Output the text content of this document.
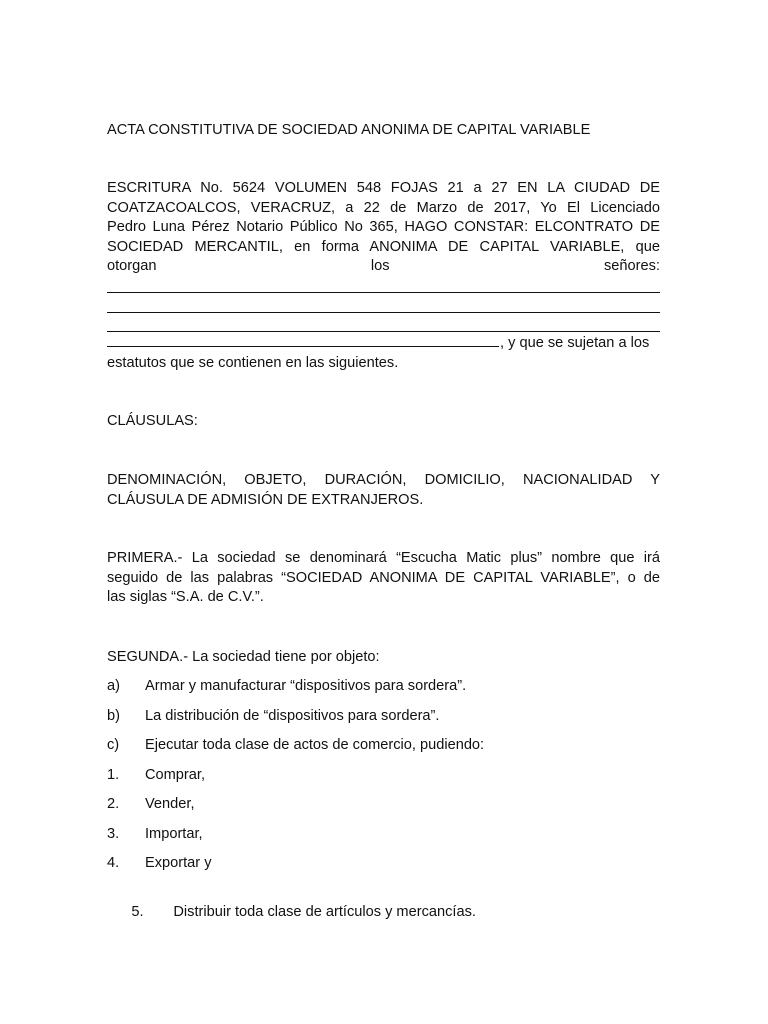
ACTA CONSTITUTIVA DE SOCIEDAD ANONIMA DE CAPITAL VARIABLE
ESCRITURA No. 5624 VOLUMEN 548 FOJAS 21 a 27 EN LA CIUDAD DE
COATZACOALCOS, VERACRUZ, a 22 de Marzo de 2017, Yo El Licenciado
Pedro Luna Pérez Notario Público No 365, HAGO CONSTAR: ELCONTRATO DE
SOCIEDAD MERCANTIL, en forma ANONIMA DE CAPITAL VARIABLE, que
otorgan	los	señores:
, y que se sujetan a los
estatutos que se contienen en las siguientes.
CLÁUSULAS:
DENOMINACIÓN, OBJETO, DURACIÓN, DOMICILIO, NACIONALIDAD Y
CLÁUSULA DE ADMISIÓN DE EXTRANJEROS.
PRIMERA.- La sociedad se denominará “Escucha Matic plus” nombre que irá
seguido de las palabras “SOCIEDAD ANONIMA DE CAPITAL VARIABLE”, o de
las siglas “S.A. de C.V.”.
SEGUNDA.- La sociedad tiene por objeto:
a) Armar y manufacturar “dispositivos para sordera”.
b) La distribución de “dispositivos para sordera”.
c) Ejecutar toda clase de actos de comercio, pudiendo:
1. Comprar,
2. Vender,
3. Importar,
4. Exportar y

5. Distribuir toda clase de artículos y mercancías.
